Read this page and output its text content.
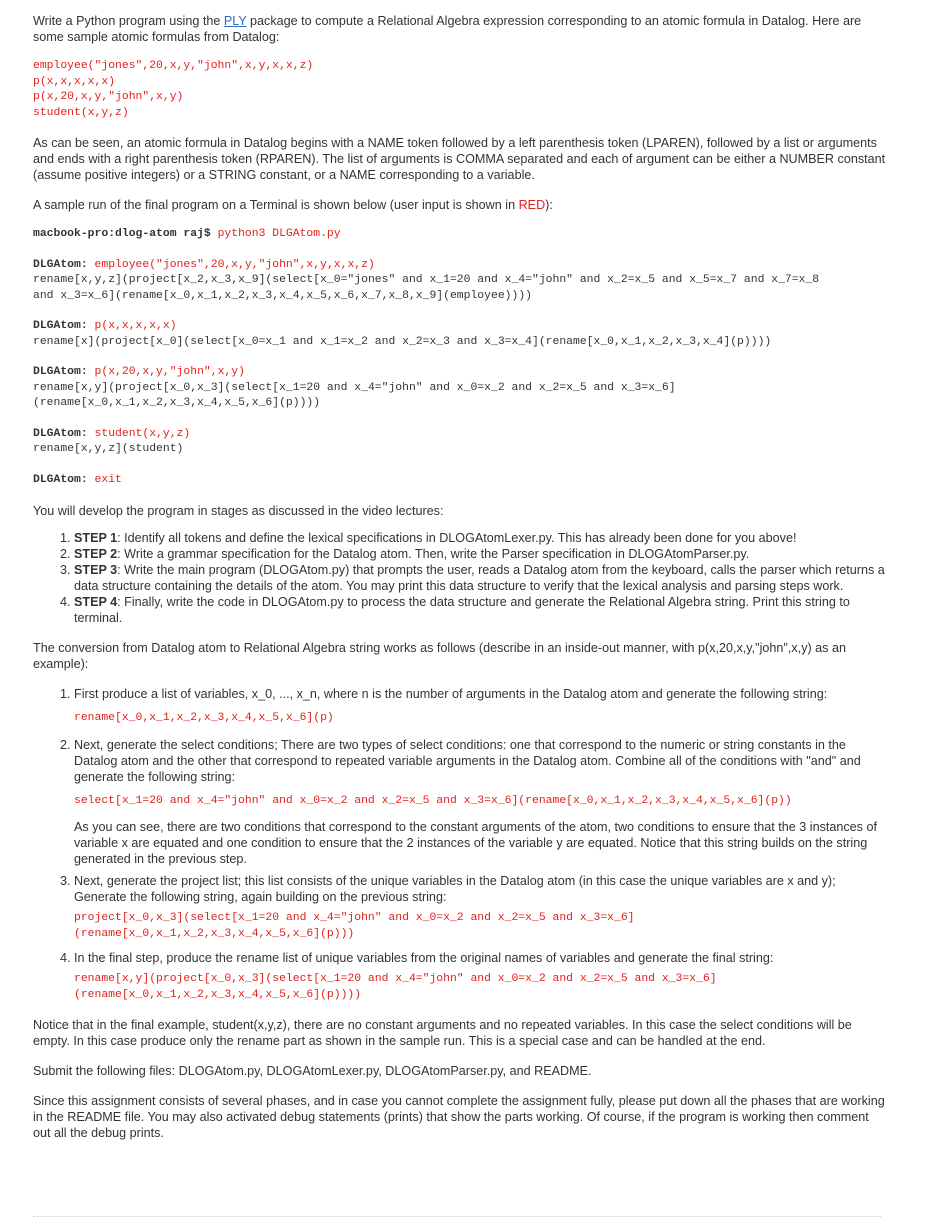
Write a Python program using the PLY package to compute a Relational Algebra expression corresponding to an atomic formula in Datalog. Here are some sample atomic formulas from Datalog:

employee("jones",20,x,y,"john",x,y,x,x,z)
p(x,x,x,x,x)
p(x,20,x,y,"john",x,y)
student(x,y,z)

As can be seen, an atomic formula in Datalog begins with a NAME token followed by a left parenthesis token (LPAREN), followed by a list or arguments and ends with a right parenthesis token (RPAREN). The list of arguments is COMMA separated and each of argument can be either a NUMBER constant (assume positive integers) or a STRING constant, or a NAME corresponding to a variable.

A sample run of the final program on a Terminal is shown below (user input is shown in RED):

macbook-pro:dlog-atom raj$ python3 DLGAtom.py
DLGAtom: employee("jones",20,x,y,"john",x,y,x,x,z)
rename[x,y,z](project[x_2,x_3,x_9](select[x_0="jones" and x_1=20 and x_4="john" and x_2=x_5 and x_5=x_7 and x_7=x_8
and x_3=x_6](rename[x_0,x_1,x_2,x_3,x_4,x_5,x_6,x_7,x_8,x_9](employee))))
DLGAtom: p(x,x,x,x,x)
rename[x](project[x_0](select[x_0=x_1 and x_1=x_2 and x_2=x_3 and x_3=x_4](rename[x_0,x_1,x_2,x_3,x_4](p))))
DLGAtom: p(x,20,x,y,"john",x,y)
rename[x,y](project[x_0,x_3](select[x_1=20 and x_4="john" and x_0=x_2 and x_2=x_5 and x_3=x_6]
(rename[x_0,x_1,x_2,x_3,x_4,x_5,x_6](p))))
DLGAtom: student(x,y,z)
rename[x,y,z](student)
DLGAtom: exit

You will develop the program in stages as discussed in the video lectures:

1. STEP 1: Identify all tokens and define the lexical specifications in DLOGAtomLexer.py. This has already been done for you above!
2. STEP 2: Write a grammar specification for the Datalog atom. Then, write the Parser specification in DLOGAtomParser.py.
3. STEP 3: Write the main program (DLOGAtom.py) that prompts the user, reads a Datalog atom from the keyboard, calls the parser which returns a data structure containing the details of the atom. You may print this data structure to verify that the lexical analysis and parsing steps work.
4. STEP 4: Finally, write the code in DLOGAtom.py to process the data structure and generate the Relational Algebra string. Print this string to terminal.

The conversion from Datalog atom to Relational Algebra string works as follows (describe in an inside-out manner, with p(x,20,x,y,"john",x,y) as an example):

1. First produce a list of variables, x_0, ..., x_n, where n is the number of arguments in the Datalog atom and generate the following string:
rename[x_0,x_1,x_2,x_3,x_4,x_5,x_6](p)
2. Next, generate the select conditions; There are two types of select conditions: one that correspond to the numeric or string constants in the Datalog atom and the other that correspond to repeated variable arguments in the Datalog atom. Combine all of the conditions with "and" and generate the following string:
select[x_1=20 and x_4="john" and x_0=x_2 and x_2=x_5 and x_3=x_6](rename[x_0,x_1,x_2,x_3,x_4,x_5,x_6](p))
As you can see, there are two conditions that correspond to the constant arguments of the atom, two conditions to ensure that the 3 instances of variable x are equated and one condition to ensure that the 2 instances of the variable y are equated. Notice that this string builds on the string generated in the previous step.
3. Next, generate the project list; this list consists of the unique variables in the Datalog atom (in this case the unique variables are x and y); Generate the following string, again building on the previous string:
project[x_0,x_3](select[x_1=20 and x_4="john" and x_0=x_2 and x_2=x_5 and x_3=x_6]
(rename[x_0,x_1,x_2,x_3,x_4,x_5,x_6](p)))
4. In the final step, produce the rename list of unique variables from the original names of variables and generate the final string:
rename[x,y](project[x_0,x_3](select[x_1=20 and x_4="john" and x_0=x_2 and x_2=x_5 and x_3=x_6]
(rename[x_0,x_1,x_2,x_3,x_4,x_5,x_6](p))))

Notice that in the final example, student(x,y,z), there are no constant arguments and no repeated variables. In this case the select conditions will be empty. In this case produce only the rename part as shown in the sample run. This is a special case and can be handled at the end.

Submit the following files: DLOGAtom.py, DLOGAtomLexer.py, DLOGAtomParser.py, and README.

Since this assignment consists of several phases, and in case you cannot complete the assignment fully, please put down all the phases that are working in the README file. You may also activated debug statements (prints) that show the parts working. Of course, if the program is working then comment out all the debug prints.
